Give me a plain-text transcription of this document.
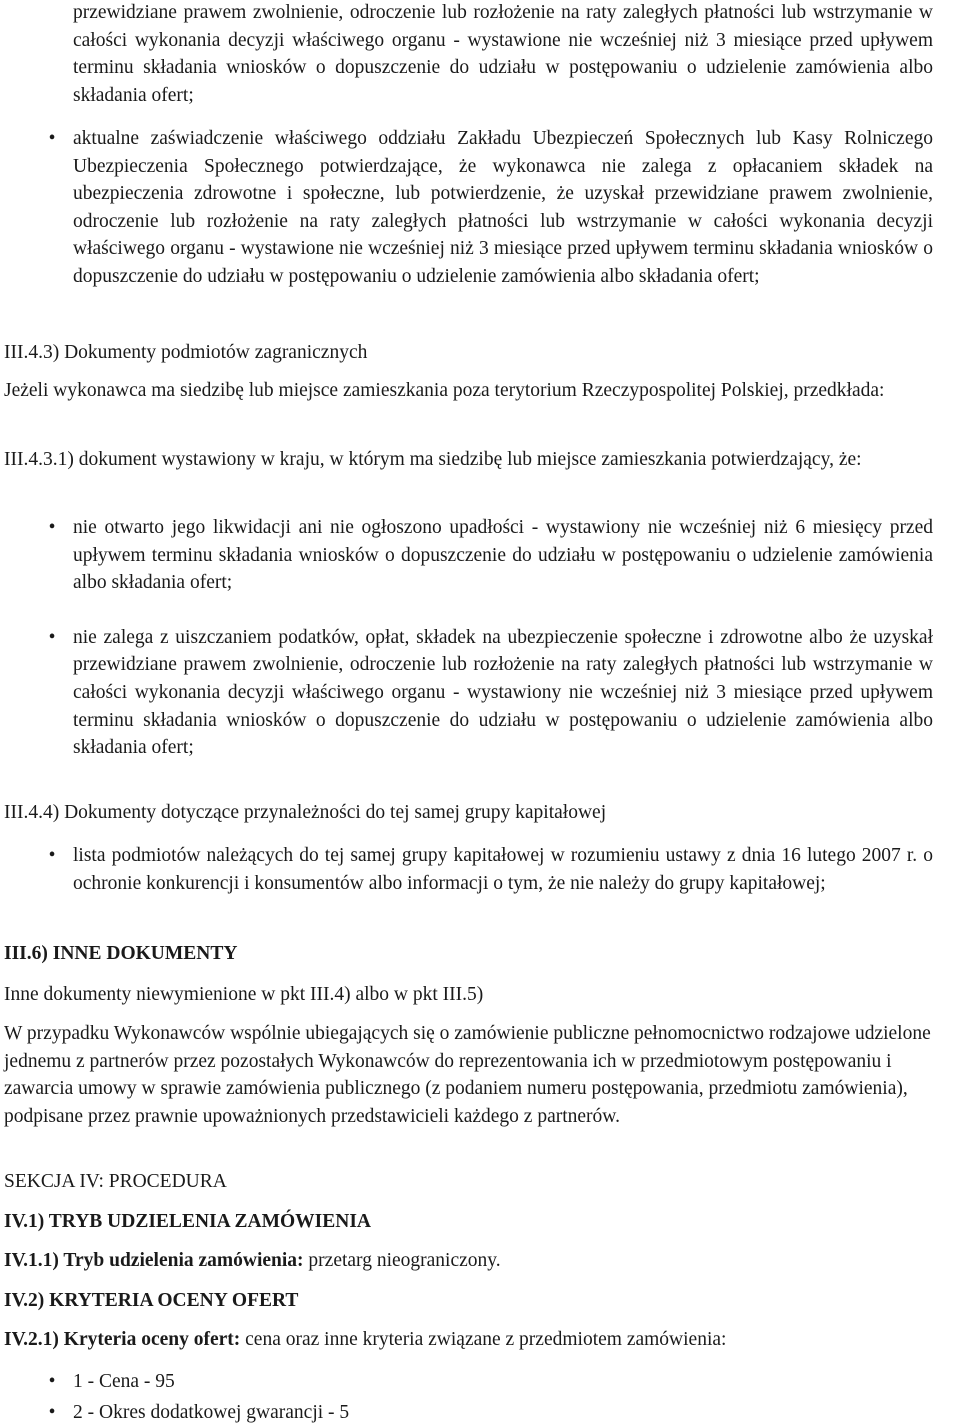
przewidziane prawem zwolnienie, odroczenie lub rozłożenie na raty zaległych płatności lub wstrzymanie w całości wykonania decyzji właściwego organu - wystawione nie wcześniej niż 3 miesiące przed upływem terminu składania wniosków o dopuszczenie do udziału w postępowaniu o udzielenie zamówienia albo składania ofert;

• aktualne zaświadczenie właściwego oddziału Zakładu Ubezpieczeń Społecznych lub Kasy Rolniczego Ubezpieczenia Społecznego potwierdzające, że wykonawca nie zalega z opłacaniem składek na ubezpieczenia zdrowotne i społeczne, lub potwierdzenie, że uzyskał przewidziane prawem zwolnienie, odroczenie lub rozłożenie na raty zaległych płatności lub wstrzymanie w całości wykonania decyzji właściwego organu - wystawione nie wcześniej niż 3 miesiące przed upływem terminu składania wniosków o dopuszczenie do udziału w postępowaniu o udzielenie zamówienia albo składania ofert;

III.4.3) Dokumenty podmiotów zagranicznych

Jeżeli wykonawca ma siedzibę lub miejsce zamieszkania poza terytorium Rzeczypospolitej Polskiej, przedkłada:

III.4.3.1) dokument wystawiony w kraju, w którym ma siedzibę lub miejsce zamieszkania potwierdzający, że:

• nie otwarto jego likwidacji ani nie ogłoszono upadłości - wystawiony nie wcześniej niż 6 miesięcy przed upływem terminu składania wniosków o dopuszczenie do udziału w postępowaniu o udzielenie zamówienia albo składania ofert;
• nie zalega z uiszczaniem podatków, opłat, składek na ubezpieczenie społeczne i zdrowotne albo że uzyskał przewidziane prawem zwolnienie, odroczenie lub rozłożenie na raty zaległych płatności lub wstrzymanie w całości wykonania decyzji właściwego organu - wystawiony nie wcześniej niż 3 miesiące przed upływem terminu składania wniosków o dopuszczenie do udziału w postępowaniu o udzielenie zamówienia albo składania ofert;

III.4.4) Dokumenty dotyczące przynależności do tej samej grupy kapitałowej

• lista podmiotów należących do tej samej grupy kapitałowej w rozumieniu ustawy z dnia 16 lutego 2007 r. o ochronie konkurencji i konsumentów albo informacji o tym, że nie należy do grupy kapitałowej;

III.6) INNE DOKUMENTY

Inne dokumenty niewymienione w pkt III.4) albo w pkt III.5)

W przypadku Wykonawców wspólnie ubiegających się o zamówienie publiczne pełnomocnictwo rodzajowe udzielone jednemu z partnerów przez pozostałych Wykonawców do reprezentowania ich w przedmiotowym postępowaniu i zawarcia umowy w sprawie zamówienia publicznego (z podaniem numeru postępowania, przedmiotu zamówienia), podpisane przez prawnie upoważnionych przedstawicieli każdego z partnerów.

SEKCJA IV: PROCEDURA

IV.1) TRYB UDZIELENIA ZAMÓWIENIA

IV.1.1) Tryb udzielenia zamówienia: przetarg nieograniczony.

IV.2) KRYTERIA OCENY OFERT

IV.2.1) Kryteria oceny ofert: cena oraz inne kryteria związane z przedmiotem zamówienia:

• 1 - Cena - 95
• 2 - Okres dodatkowej gwarancji - 5
